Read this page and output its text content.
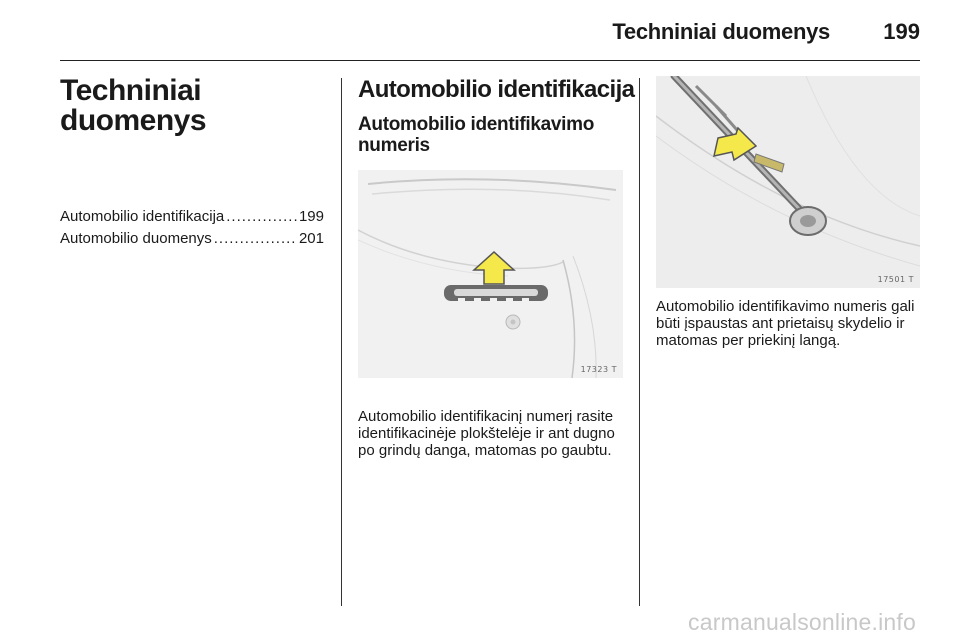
Techniniai duomenys 199
Techniniai
duomenys
Automobilio identifikacija .....	199
Automobilio duomenys .....	201
Automobilio identifikacija
Automobilio identifikavimo numeris
17323 T

Automobilio identifikacinį numerį rasite identifikacinėje plokštelėje ir ant dugno po grindų danga, matomas po gaubtu.

17501 T

Automobilio identifikavimo numeris gali būti įspaustas ant prietaisų skydelio ir matomas per priekinį langą.

carmanualsonline.info
